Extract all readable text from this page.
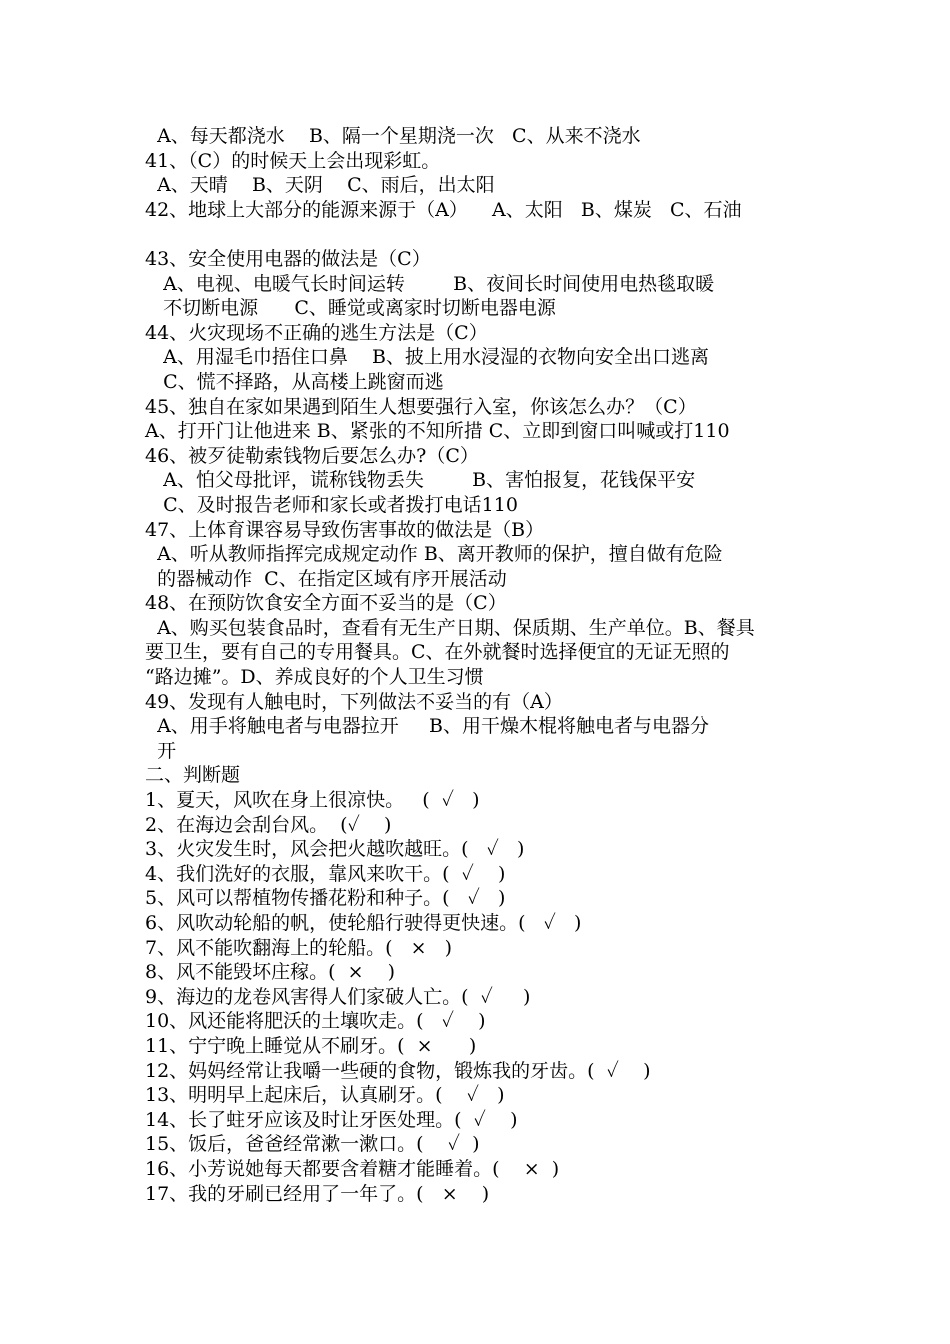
A、每天都浇水    B、隔一个星期浇一次   C、从来不浇水
41、（C）的时候天上会出现彩虹。
A、天晴    B、天阴    C、雨后，出太阳
42、地球上大部分的能源来源于（A）    A、太阳   B、煤炭   C、石油
43、安全使用电器的做法是（C）
A、电视、电暖气长时间运转        B、夜间长时间使用电热毯取暖
不切断电源      C、睡觉或离家时切断电器电源
44、火灾现场不正确的逃生方法是（C）
A、用湿毛巾捂住口鼻    B、披上用水浸湿的衣物向安全出口逃离
C、慌不择路，从高楼上跳窗而逃
45、独自在家如果遇到陌生人想要强行入室，你该怎么办？（C）
A、打开门让他进来 B、紧张的不知所措 C、立即到窗口叫喊或打110
46、被歹徒勒索钱物后要怎么办?（C）
A、怕父母批评，谎称钱物丢失        B、害怕报复，花钱保平安
C、及时报告老师和家长或者拨打电话110
47、上体育课容易导致伤害事故的做法是（B）
A、听从教师指挥完成规定动作 B、离开教师的保护，擅自做有危险
的器械动作  C、在指定区域有序开展活动
48、在预防饮食安全方面不妥当的是（C）
A、购买包装食品时，查看有无生产日期、保质期、生产单位。B、餐具
要卫生，要有自己的专用餐具。C、在外就餐时选择便宜的无证无照的
“路边摊”。D、养成良好的个人卫生习惯
49、发现有人触电时，下列做法不妥当的有（A）
A、用手将触电者与电器拉开     B、用干燥木棍将触电者与电器分
开
二、判断题
1、夏天，风吹在身上很凉快。   (  ✓   )
2、在海边会刮台风。  (✓    )
3、火灾发生时，风会把火越吹越旺。(   ✓   )
4、我们洗好的衣服，靠风来吹干。(  ✓    )
5、风可以帮植物传播花粉和种子。(   ✓   )
6、风吹动轮船的帆，使轮船行驶得更快速。(   ✓   )
7、风不能吹翻海上的轮船。(   ×   )
8、风不能毁坏庄稼。(  ×    )
9、海边的龙卷风害得人们家破人亡。(  ✓     )
10、风还能将肥沃的土壤吹走。(   ✓    )
11、宁宁晚上睡觉从不刷牙。(  ×      )
12、妈妈经常让我嚼一些硬的食物，锻炼我的牙齿。(  ✓    )
13、明明早上起床后，认真刷牙。(    ✓   )
14、长了蛀牙应该及时让牙医处理。(  ✓    )
15、饭后，爸爸经常漱一漱口。(    ✓  )
16、小芳说她每天都要含着糖才能睡着。(    ×  )
17、我的牙刷已经用了一年了。(   ×    )
